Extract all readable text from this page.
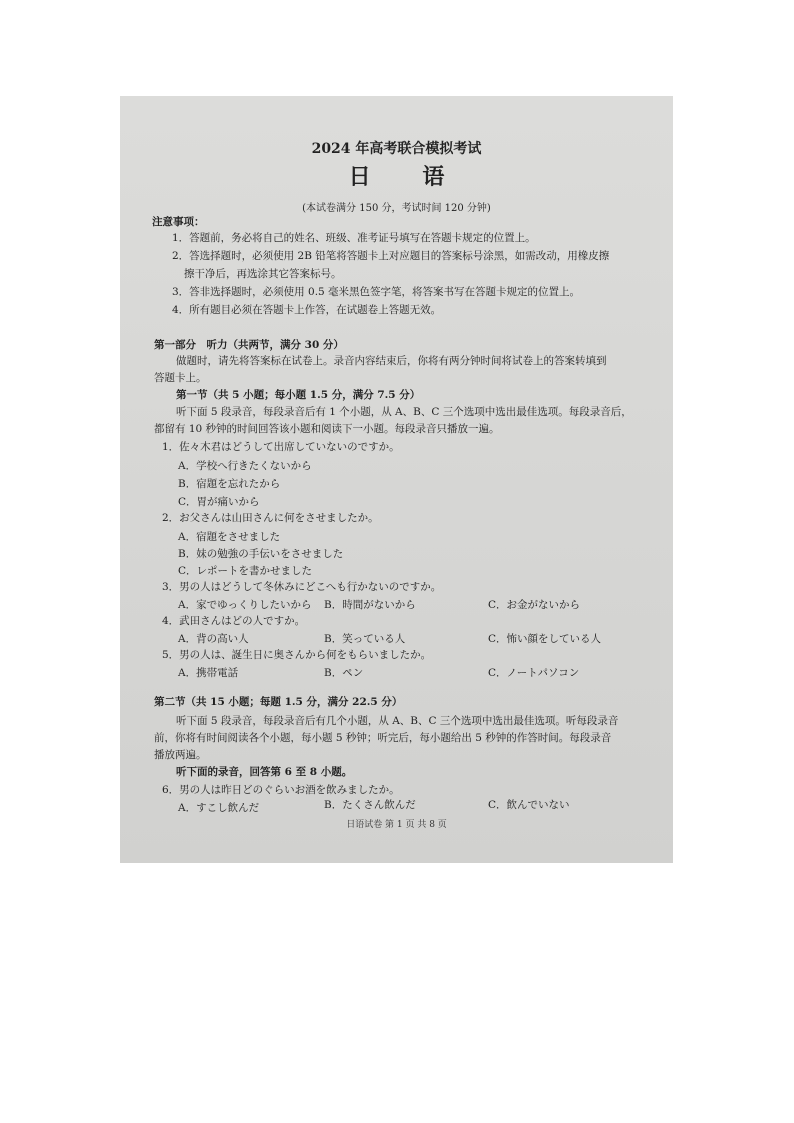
2024 年高考联合模拟考试
日 语
(本试卷满分 150 分，考试时间 120 分钟)
注意事项：
1．答题前，务必将自己的姓名、班级、准考证号填写在答题卡规定的位置上。
2．答选择题时，必须使用 2B 铅笔将答题卡上对应题目的答案标号涂黑，如需改动，用橡皮擦
擦干净后，再选涂其它答案标号。
3．答非选择题时，必须使用 0.5 毫米黑色签字笔，将答案书写在答题卡规定的位置上。
4．所有题目必须在答题卡上作答，在试题卷上答题无效。
第一部分　听力（共两节，满分 30 分）
做题时，请先将答案标在试卷上。录音内容结束后，你将有两分钟时间将试卷上的答案转填到
答题卡上。
第一节（共 5 小题；每小题 1.5 分，满分 7.5 分）
听下面 5 段录音，每段录音后有 1 个小题，从 A、B、C 三个选项中选出最佳选项。每段录音后，
都留有 10 秒钟的时间回答该小题和阅读下一小题。每段录音只播放一遍。
1．佐々木君はどうして出席していないのですか。
A．学校へ行きたくないから
B．宿題を忘れたから
C．胃が痛いから
2．お父さんは山田さんに何をさせましたか。
A．宿題をさせました
B．妹の勉強の手伝いをさせました
C．レポートを書かせました
3．男の人はどうして冬休みにどこへも行かないのですか。
A．家でゆっくりしたいから B．時間がないから	C．お金がないから
4．武田さんはどの人ですか。
A．背の高い人	B．笑っている人	C．怖い顔をしている人
5．男の人は、誕生日に奥さんから何をもらいましたか。
A．携帯電話	B．ペン	C．ノートパソコン
第二节（共 15 小题；每题 1.5 分，满分 22.5 分）
听下面 5 段录音，每段录音后有几个小题，从 A、B、C 三个选项中选出最佳选项。听每段录音
前，你将有时间阅读各个小题，每小题 5 秒钟；听完后，每小题给出 5 秒钟的作答时间。每段录音
播放两遍。
听下面的录音，回答第 6 至 8 小题。
6．男の人は昨日どのぐらいお酒を飲みましたか。
A．すこし飲んだ	B．たくさん飲んだ	C．飲んでいない
日语试卷 第 1 页 共 8 页
